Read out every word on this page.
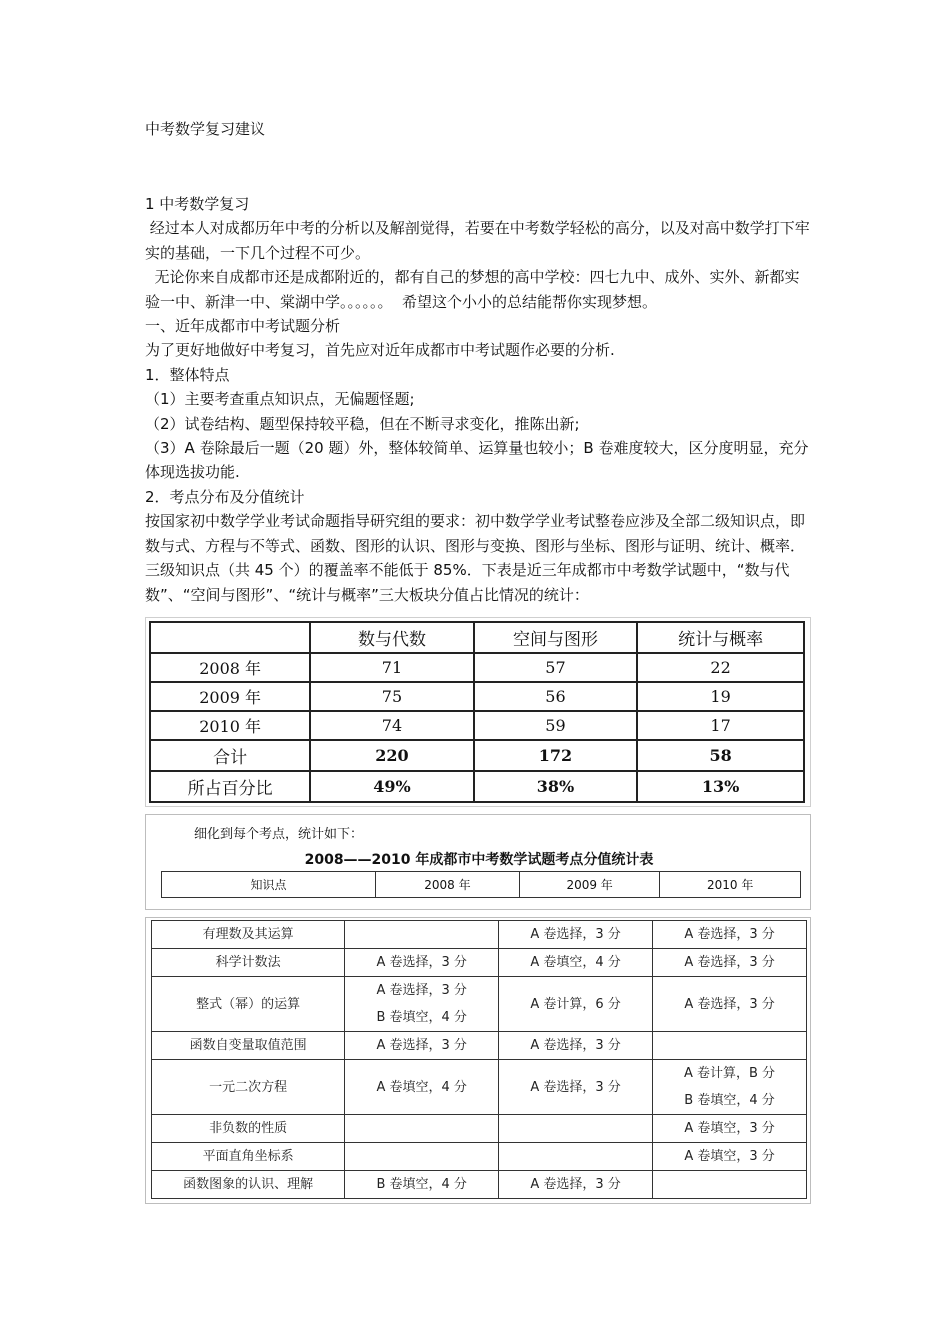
中考数学复习建议

1 中考数学复习

经过本人对成都历年中考的分析以及解剖觉得，若要在中考数学轻松的高分，以及对高中数学打下牢实的基础，一下几个过程不可少。

无论你来自成都市还是成都附近的，都有自己的梦想的高中学校：四七九中、成外、实外、新都实验一中、新津一中、棠湖中学。。。。。。  希望这个小小的总结能帮你实现梦想。

一、近年成都市中考试题分析

为了更好地做好中考复习，首先应对近年成都市中考试题作必要的分析.

1．整体特点

（1）主要考查重点知识点，无偏题怪题;

（2）试卷结构、题型保持较平稳，但在不断寻求变化，推陈出新;

（3）A 卷除最后一题（20 题）外，整体较简单、运算量也较小；B 卷难度较大，区分度明显，充分体现选拔功能.

2．考点分布及分值统计

按国家初中数学学业考试命题指导研究组的要求：初中数学学业考试整卷应涉及全部二级知识点，即数与式、方程与不等式、函数、图形的认识、图形与变换、图形与坐标、图形与证明、统计、概率．三级知识点（共 45 个）的覆盖率不能低于 85%．下表是近三年成都市中考数学试题中，“数与代数”、“空间与图形”、“统计与概率”三大板块分值占比情况的统计：

	数与代数	空间与图形	统计与概率
2008 年	71	57	22
2009 年	75	56	19
2010 年	74	59	17
合计	220	172	58
所占百分比	49%	38%	13%
细化到每个考点，统计如下：
2008——2010 年成都市中考数学试题考点分值统计表
知识点	2008 年	2009 年	2010 年
有理数及其运算		A 卷选择，3 分	A 卷选择，3 分

科学计数法	A 卷选择，3 分	A 卷填空，4 分	A 卷选择，3 分

整式（幂）的运算	A 卷选择，3 分
B 卷填空，4 分	A 卷计算，6 分	A 卷选择，3 分

函数自变量取值范围	A 卷选择，3 分	A 卷选择，3 分	

一元二次方程	A 卷填空，4 分	A 卷选择，3 分	A 卷计算，B 分
B 卷填空，4 分

非负数的性质			A 卷填空，3 分

平面直角坐标系			A 卷填空，3 分

函数图象的认识、理解	B 卷填空，4 分	A 卷选择，3 分	
